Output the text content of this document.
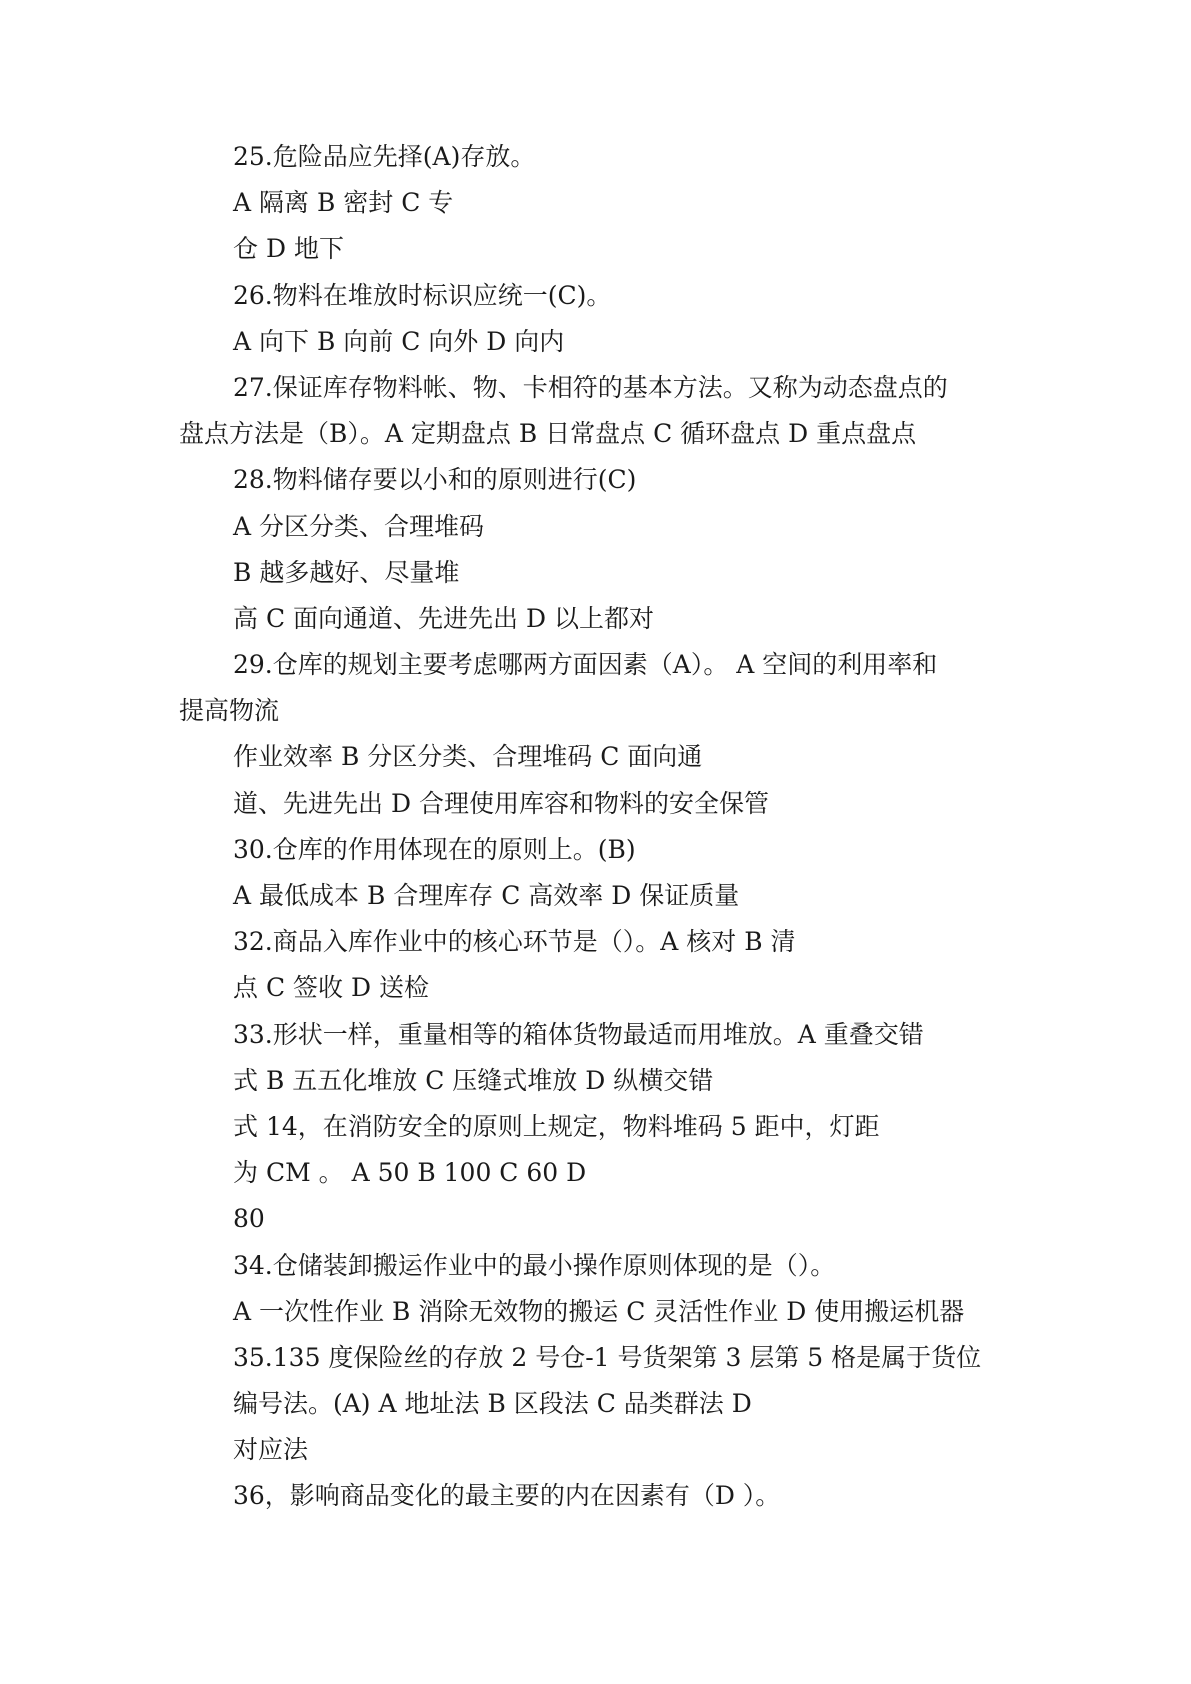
25.危险品应先择(A)存放。
A 隔离 B 密封 C 专
仓 D 地下
26.物料在堆放时标识应统一(C)。
A 向下 B 向前 C 向外 D 向内
27.保证库存物料帐、物、卡相符的基本方法。又称为动态盘点的
盘点方法是（B）。A 定期盘点 B 日常盘点 C 循环盘点 D 重点盘点
28.物料储存要以小和的原则进行(C)
A 分区分类、合理堆码
B 越多越好、尽量堆
高 C 面向通道、先进先出 D 以上都对
29.仓库的规划主要考虑哪两方面因素（A）。 A 空间的利用率和
提高物流
作业效率 B 分区分类、合理堆码 C 面向通
道、先进先出 D 合理使用库容和物料的安全保管
30.仓库的作用体现在的原则上。(B)
A 最低成本 B 合理库存 C 高效率 D 保证质量
32.商品入库作业中的核心环节是（）。A 核对 B 清
点 C 签收 D 送检
33.形状一样，重量相等的箱体货物最适而用堆放。A 重叠交错
式 B 五五化堆放 C 压缝式堆放 D 纵横交错
式 14，在消防安全的原则上规定，物料堆码 5 距中，灯距
为 CM 。 A 50 B 100 C 60 D
80
34.仓储装卸搬运作业中的最小操作原则体现的是（）。
A 一次性作业 B 消除无效物的搬运 C 灵活性作业 D 使用搬运机器
35.135 度保险丝的存放 2 号仓-1 号货架第 3 层第 5 格是属于货位
编号法。(A) A 地址法 B 区段法 C 品类群法 D
对应法
36，影响商品变化的最主要的内在因素有（D ）。
